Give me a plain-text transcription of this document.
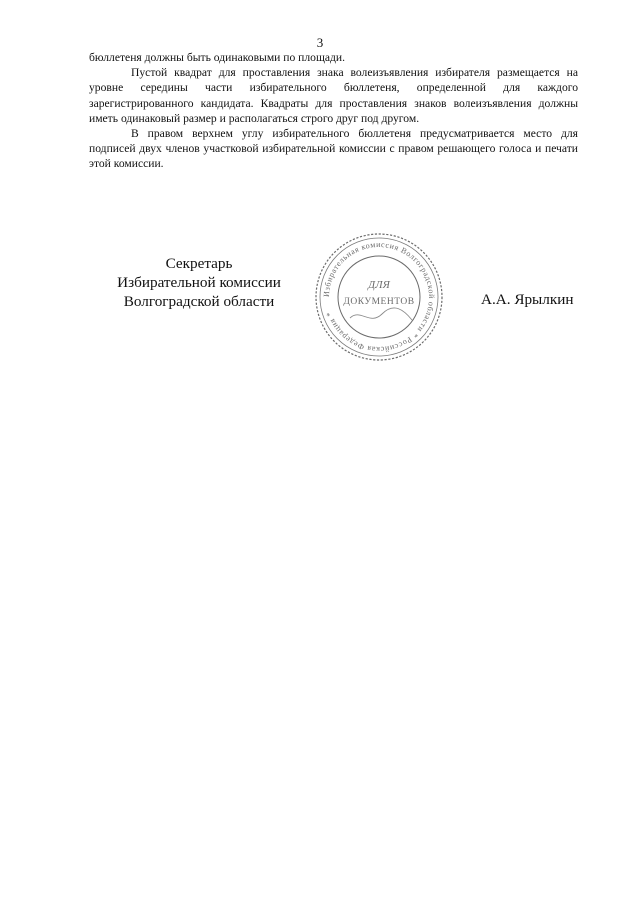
3

бюллетеня должны быть одинаковыми по площади.

Пустой квадрат для проставления знака волеизъявления избирателя размещается на уровне середины части избирательного бюллетеня, определенной для каждого зарегистрированного кандидата. Квадраты для проставления знаков волеизъявления должны иметь одинаковый размер и располагаться строго друг под другом.

В правом верхнем углу избирательного бюллетеня предусматривается место для подписей двух членов участковой избирательной комиссии с правом решающего голоса и печати этой комиссии.

Секретарь
Избирательной комиссии
Волгоградской области	Избирательная комиссия Волгоградской области * Российская Федерация *
ДЛЯ
ДОКУМЕНТОВ	А.А. Ярылкин
